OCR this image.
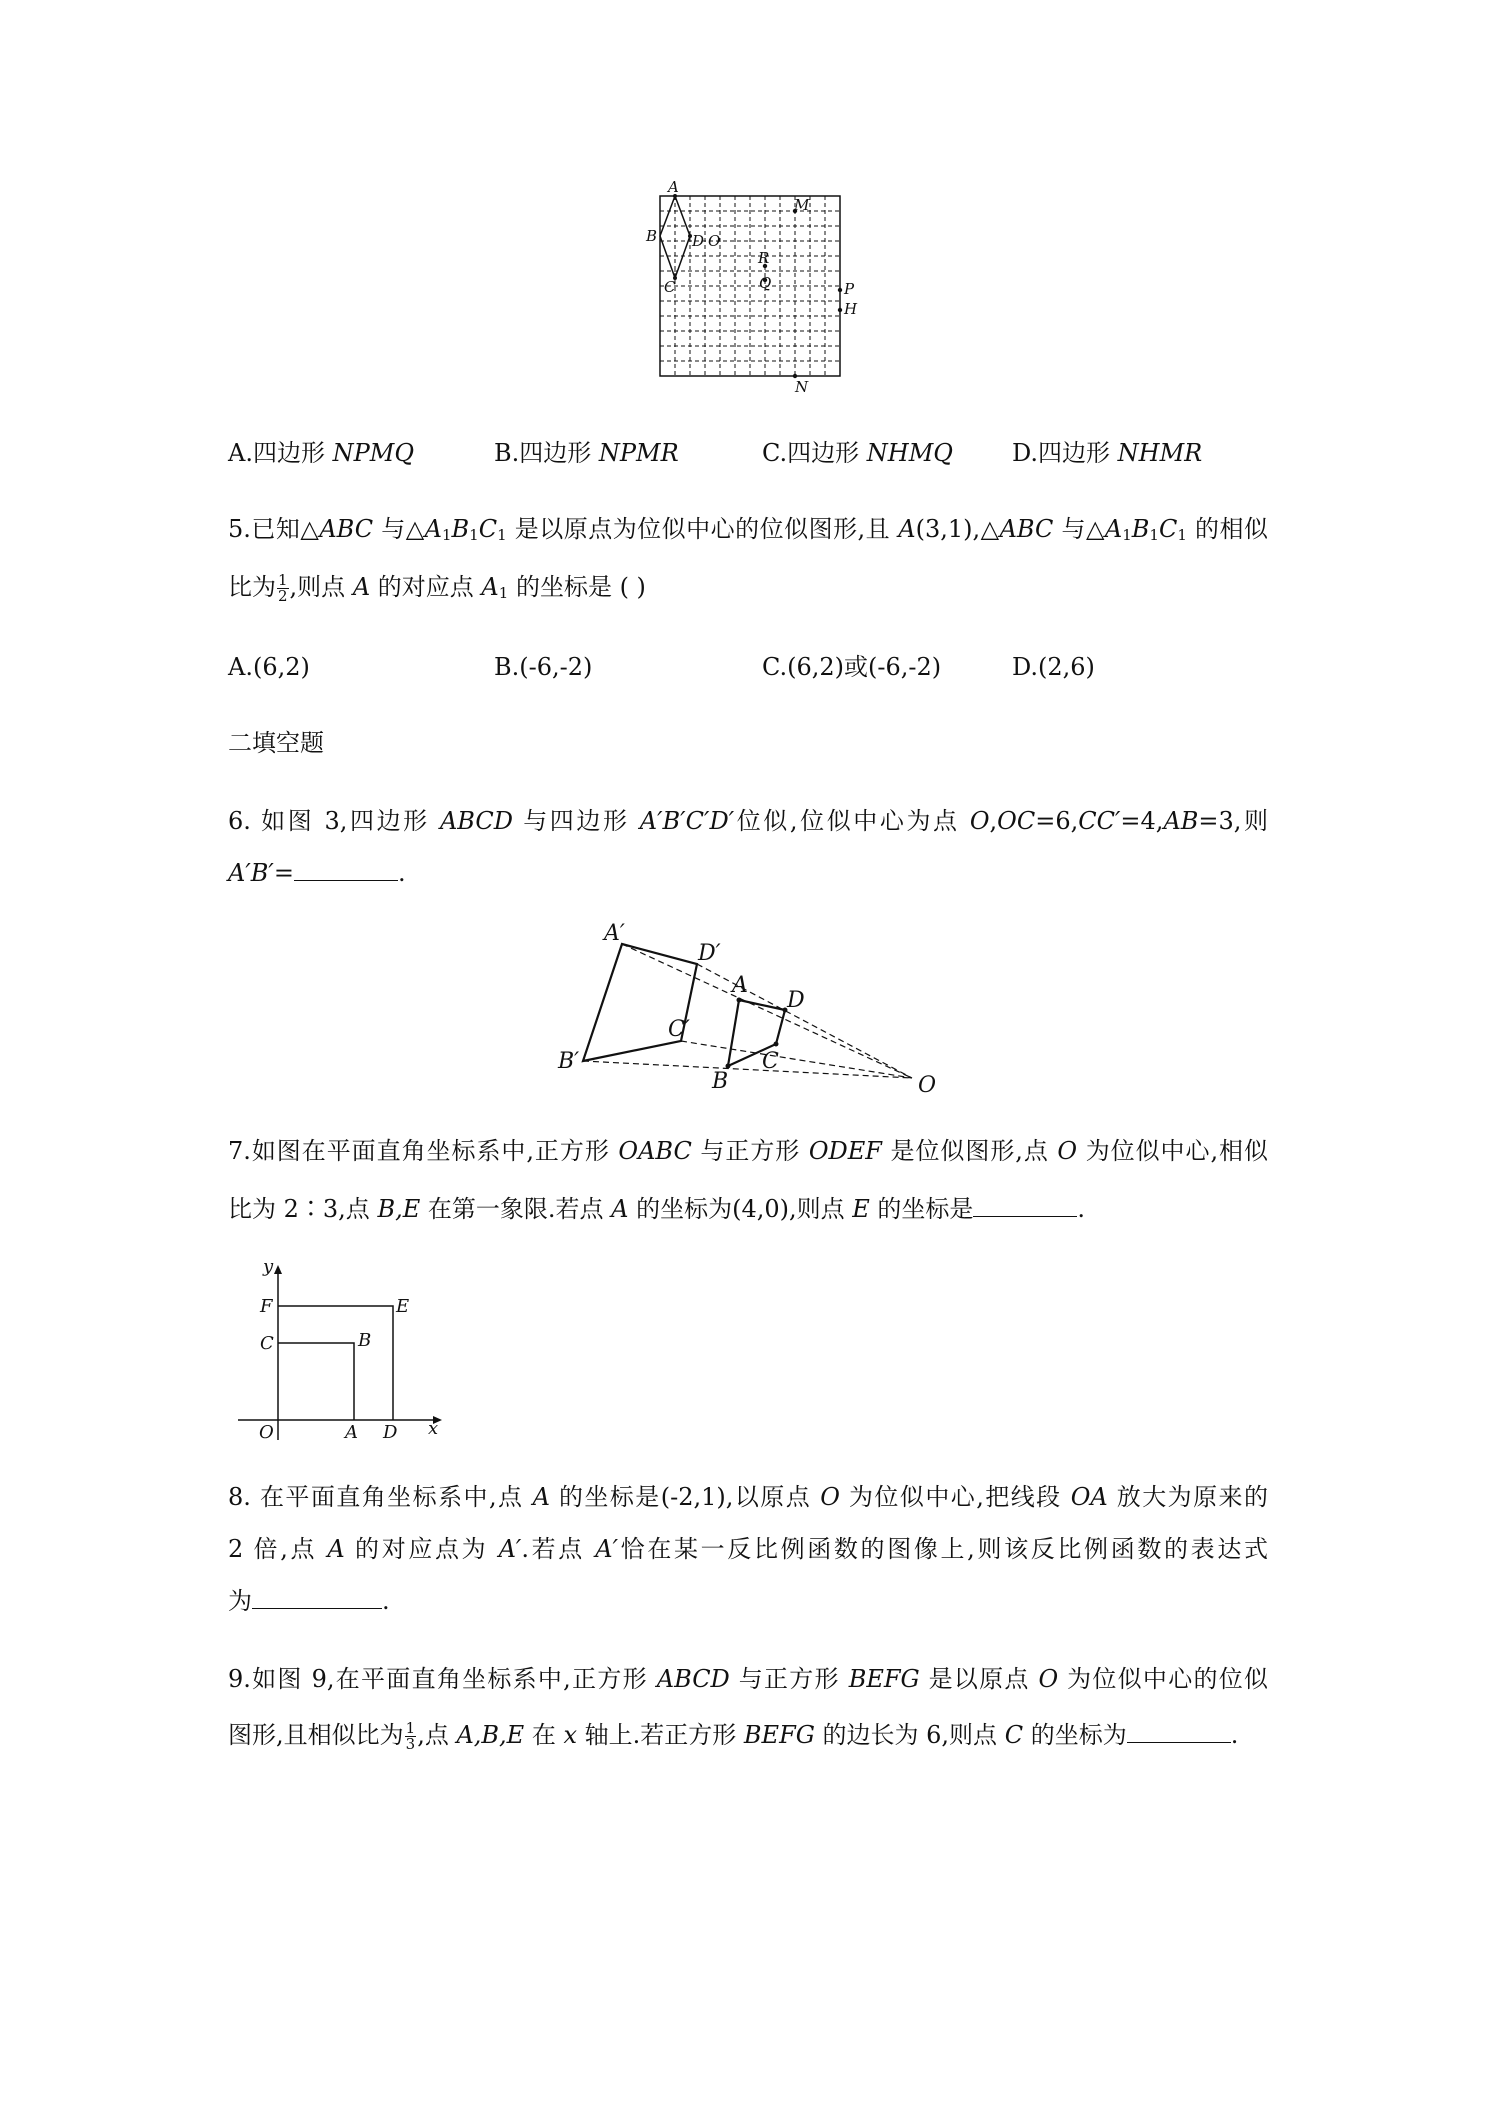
A
B
C
D O
M
R
Q	P
H
N
A.四边形 NPMQ	B.四边形 NPMR	C.四边形 NHMQ D.四边形 NHMR
5.已知△ABC 与$\triangle A_1B_1C_1$ 是以原点为位似中心的位似图形,且 A(3,1),△ABC 与$\triangle A_1B_1C_1$ 的相似
比为 $\frac{1}{2}$ ,则点 A 的对应点 $A_1$ 的坐标是 ( )
A.(6,2)	B.(-6,-2)	C.(6,2)或(-6,-2)	D.(2,6)
二填空题
6. 如图 3,四边形 ABCD 与四边形 A′B′C′D′位似,位似中心为点 O,OC=6,CC′=4,AB=3,则
A′B′=	.
A′
D′
A
D
C′
B′
B
C
O
7.如图在平面直角坐标系中,正方形 OABC 与正方形 ODEF 是位似图形,点 O 为位似中心,相似
比为 2∶3,点 B,E 在第一象限.若点 A 的坐标为(4,0),则点 E 的坐标是	.
y
F	E
C	B
O	A D x
8. 在平面直角坐标系中,点 A 的坐标是(-2,1),以原点 O 为位似中心,把线段 OA 放大为原来的
2 倍,点 A 的对应点为 A′.若点 A′恰在某一反比例函数的图像上,则该反比例函数的表达式
为	.
9.如图 9,在平面直角坐标系中,正方形 ABCD 与正方形 BEFG 是以原点 O 为位似中心的位似
图形,且相似比为 $\frac{1}{3}$ ,点 A,B,E 在 x 轴上.若正方形 BEFG 的边长为 6,则点 C 的坐标为	.
